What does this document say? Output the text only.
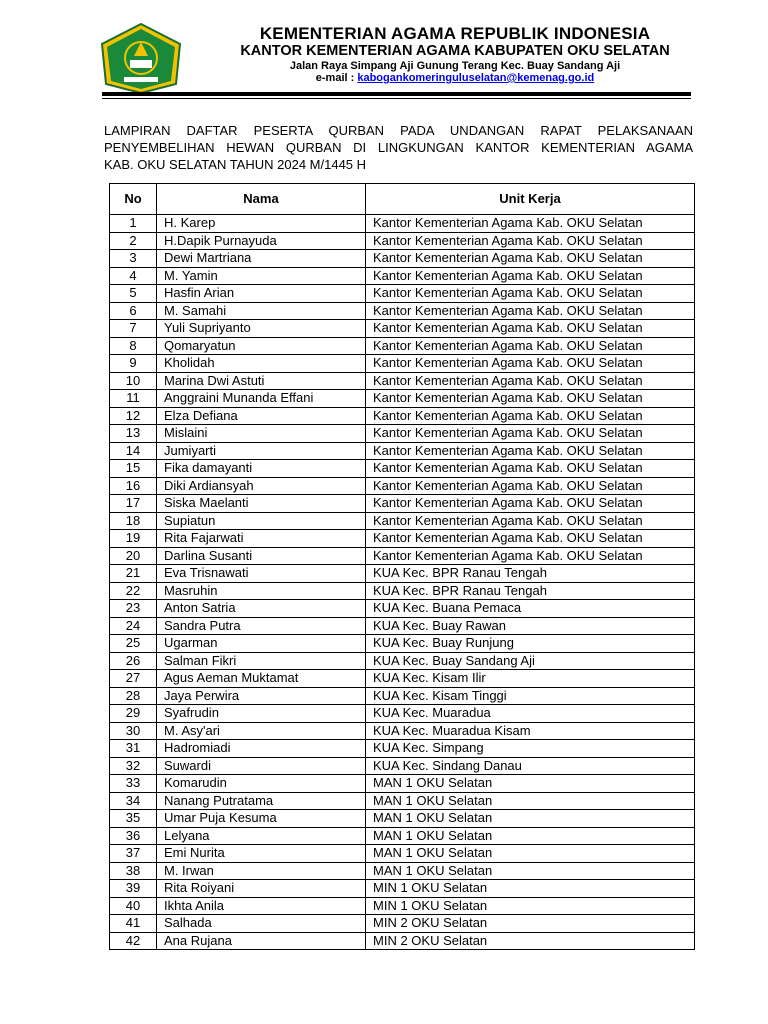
KEMENTERIAN AGAMA REPUBLIK INDONESIA
KANTOR KEMENTERIAN AGAMA KABUPATEN OKU SELATAN
Jalan Raya Simpang Aji Gunung Terang Kec. Buay Sandang Aji
e-mail : kabogankomeringuluselatan@kemenag.go.id
LAMPIRAN DAFTAR PESERTA QURBAN PADA UNDANGAN RAPAT PELAKSANAAN
PENYEMBELIHAN HEWAN QURBAN DI LINGKUNGAN KANTOR KEMENTERIAN AGAMA
KAB. OKU SELATAN TAHUN 2024 M/1445 H
No	Nama	Unit Kerja
1	H. Karep	Kantor Kementerian Agama Kab. OKU Selatan
2	H.Dapik Purnayuda	Kantor Kementerian Agama Kab. OKU Selatan
3	Dewi Martriana	Kantor Kementerian Agama Kab. OKU Selatan
4	M. Yamin	Kantor Kementerian Agama Kab. OKU Selatan
5	Hasfin Arian	Kantor Kementerian Agama Kab. OKU Selatan
6	M. Samahi	Kantor Kementerian Agama Kab. OKU Selatan
7	Yuli Supriyanto	Kantor Kementerian Agama Kab. OKU Selatan
8	Qomaryatun	Kantor Kementerian Agama Kab. OKU Selatan
9	Kholidah	Kantor Kementerian Agama Kab. OKU Selatan
10	Marina Dwi Astuti	Kantor Kementerian Agama Kab. OKU Selatan
11	Anggraini Munanda Effani	Kantor Kementerian Agama Kab. OKU Selatan
12	Elza Defiana	Kantor Kementerian Agama Kab. OKU Selatan
13	Mislaini	Kantor Kementerian Agama Kab. OKU Selatan
14	Jumiyarti	Kantor Kementerian Agama Kab. OKU Selatan
15	Fika damayanti	Kantor Kementerian Agama Kab. OKU Selatan
16	Diki Ardiansyah	Kantor Kementerian Agama Kab. OKU Selatan
17	Siska Maelanti	Kantor Kementerian Agama Kab. OKU Selatan
18	Supiatun	Kantor Kementerian Agama Kab. OKU Selatan
19	Rita Fajarwati	Kantor Kementerian Agama Kab. OKU Selatan
20	Darlina Susanti	Kantor Kementerian Agama Kab. OKU Selatan
21	Eva Trisnawati	KUA Kec. BPR Ranau Tengah
22	Masruhin	KUA Kec. BPR Ranau Tengah
23	Anton Satria	KUA Kec. Buana Pemaca
24	Sandra Putra	KUA Kec. Buay Rawan
25	Ugarman	KUA Kec. Buay Runjung
26	Salman Fikri	KUA Kec. Buay Sandang Aji
27	Agus Aeman Muktamat	KUA Kec. Kisam Ilir
28	Jaya Perwira	KUA Kec. Kisam Tinggi
29	Syafrudin	KUA Kec. Muaradua
30	M. Asy'ari	KUA Kec. Muaradua Kisam
31	Hadromiadi	KUA Kec. Simpang
32	Suwardi	KUA Kec. Sindang Danau
33	Komarudin	MAN 1 OKU Selatan
34	Nanang Putratama	MAN 1 OKU Selatan
35	Umar Puja Kesuma	MAN 1 OKU Selatan
36	Lelyana	MAN 1 OKU Selatan
37	Emi Nurita	MAN 1 OKU Selatan
38	M. Irwan	MAN 1 OKU Selatan
39	Rita Roiyani	MIN 1 OKU Selatan
40	Ikhta Anila	MIN 1 OKU Selatan
41	Salhada	MIN 2 OKU Selatan
42	Ana Rujana	MIN 2 OKU Selatan
